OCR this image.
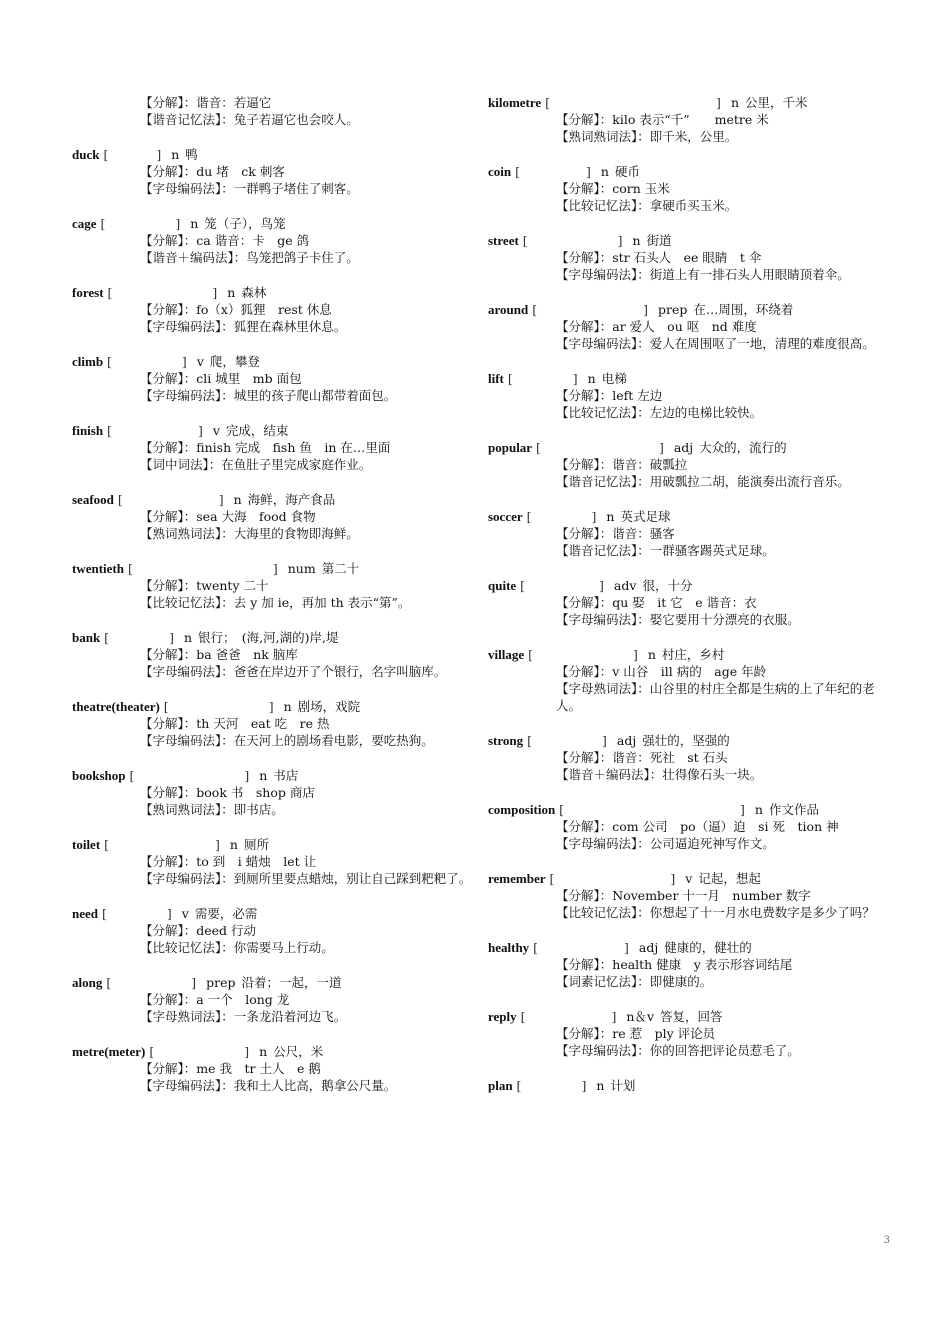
【分解】：谐音：若逼它
【谐音记忆法】：兔子若逼它也会咬人。
duck [	] n 鸭
【分解】：du 堵　ck 刺客
【字母编码法】：一群鸭子堵住了刺客。
cage [	] n 笼（子），鸟笼
【分解】：ca 谐音：卡　ge 鸽
【谐音＋编码法】：鸟笼把鸽子卡住了。
forest [	] n 森林
【分解】：fo（x）狐狸　rest 休息
【字母编码法】：狐狸在森林里休息。
climb [	] v 爬，攀登
【分解】：cli 城里　mb 面包
【字母编码法】：城里的孩子爬山都带着面包。
finish [	] v 完成，结束
【分解】：finish 完成　fish 鱼　in 在…里面
【词中词法】：在鱼肚子里完成家庭作业。
seafood [	] n 海鲜，海产食品
【分解】：sea 大海　food 食物
【熟词熟词法】：大海里的食物即海鲜。
twentieth [	] num 第二十
【分解】：twenty 二十
【比较记忆法】：去 y 加 ie，再加 th 表示“第”。
bank [	] n 银行；　(海,河,湖的)岸,堤
【分解】：ba 爸爸　nk 脑库
【字母编码法】：爸爸在岸边开了个银行，名字叫脑库。
theatre(theater) [	] n 剧场，戏院
【分解】：th 天河　eat 吃　re 热
【字母编码法】：在天河上的剧场看电影，要吃热狗。
bookshop [	] n 书店
【分解】：book 书　shop 商店
【熟词熟词法】：即书店。
toilet [	] n 厕所
【分解】：to 到　i 蜡烛　let 让
【字母编码法】：到厕所里要点蜡烛，别让自己踩到粑粑了。
need [	] v 需要，必需
【分解】：deed 行动
【比较记忆法】：你需要马上行动。
along [	] prep 沿着；一起，一道
【分解】：a 一个　long 龙
【字母熟词法】：一条龙沿着河边飞。
metre(meter) [	] n 公尺，米
【分解】：me 我　tr 土人　e 鹅
【字母编码法】：我和土人比高，鹅拿公尺量。
kilometre [	] n 公里，千米
【分解】：kilo 表示“千”　　metre 米
【熟词熟词法】：即千米，公里。
coin [	] n 硬币
【分解】：corn 玉米
【比较记忆法】：拿硬币买玉米。
street [	] n 街道
【分解】：str 石头人　ee 眼睛　t 伞
【字母编码法】：街道上有一排石头人用眼睛顶着伞。
around [	] prep 在…周围，环绕着
【分解】：ar 爱人　ou 呕　nd 难度
【字母编码法】：爱人在周围呕了一地，清理的难度很高。
lift [	] n 电梯
【分解】：left 左边
【比较记忆法】：左边的电梯比较快。
popular [	] adj 大众的，流行的
【分解】：谐音：破瓢拉
【谐音记忆法】：用破瓢拉二胡，能演奏出流行音乐。
soccer [	] n 英式足球
【分解】：谐音：骚客
【谐音记忆法】：一群骚客踢英式足球。
quite [	] adv 很，十分
【分解】：qu 娶　it 它　e 谐音：衣
【字母编码法】：娶它要用十分漂亮的衣服。
village [	] n 村庄，乡村
【分解】：v 山谷　ill 病的　age 年龄
【字母熟词法】：山谷里的村庄全都是生病的上了年纪的老人。
strong [	] adj 强壮的，坚强的
【分解】：谐音：死社　st 石头
【谐音＋编码法】：壮得像石头一块。
composition [	] n 作文作品
【分解】：com 公司　po（逼）迫　si 死　tion 神
【字母编码法】：公司逼迫死神写作文。
remember [	] v 记起，想起
【分解】：November 十一月　number 数字
【比较记忆法】：你想起了十一月水电费数字是多少了吗？
healthy [	] adj 健康的，健壮的
【分解】：health 健康　y 表示形容词结尾
【词素记忆法】：即健康的。
reply [	] n＆v 答复，回答
【分解】：re 惹　ply 评论员
【字母编码法】：你的回答把评论员惹毛了。
plan [	] n 计划
3
